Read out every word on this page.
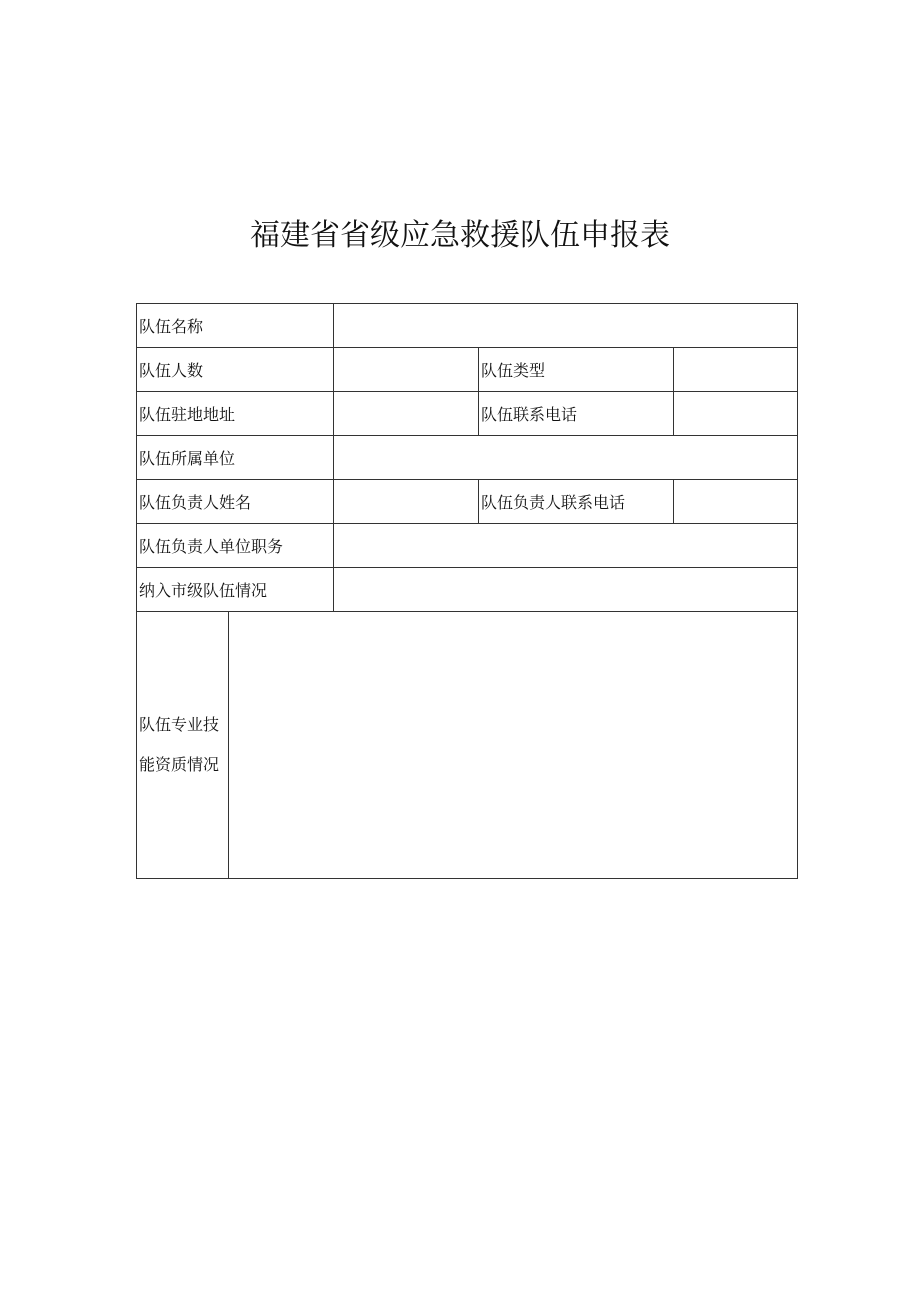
福建省省级应急救援队伍申报表
队伍名称				
队伍人数			队伍类型	
队伍驻地地址			队伍联系电话	
队伍所属单位				
队伍负责人姓名			队伍负责人联系电话	
队伍负责人单位职务				
纳入市级队伍情况				

队伍专业技
能资质情况				
